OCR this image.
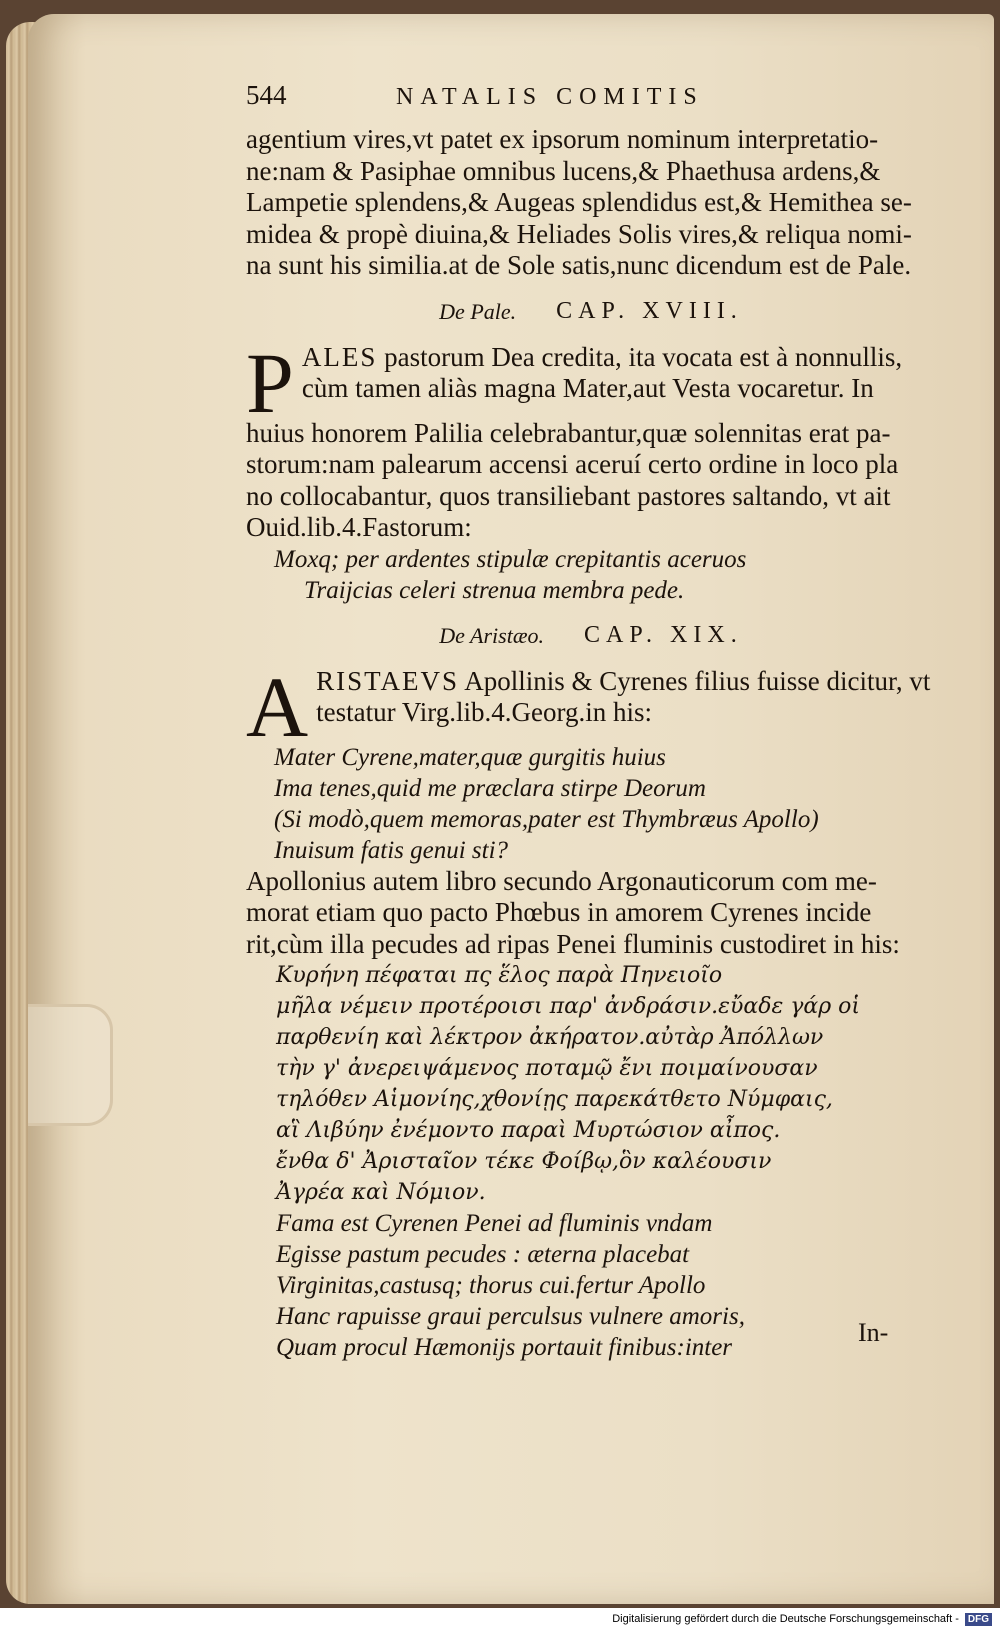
544	NATALIS COMITIS

agentium vires,vt patet ex ipsorum nominum interpretatio-
ne:nam & Pasiphae omnibus lucens,& Phaethusa ardens,&
Lampetie splendens,& Augeas splendidus est,& Hemithea se-
midea & propè diuina,& Heliades Solis vires,& reliqua nomi-
na sunt his similia.at de Sole satis,nunc dicendum est de Pale.

De Pale. CAP. XVIII.
P ALES pastorum Dea credita, ita vocata est à nonnullis,
cùm tamen aliàs magna Mater,aut Vesta vocaretur. In
huius honorem Palilia celebrabantur,quæ solennitas erat pa-
storum:nam palearum accensi aceruí certo ordine in loco pla
no collocabantur, quos transiliebant pastores saltando, vt ait
Ouid.lib.4.Fastorum:
Moxq; per ardentes stipulæ crepitantis aceruos
Traijcias celeri strenua membra pede.
De Aristæo. CAP. XIX.
A RISTAEVS Apollinis & Cyrenes filius fuisse dicitur, vt
testatur Virg.lib.4.Georg.in his:
Mater Cyrene,mater,quæ gurgitis huius
Ima tenes,quid me præclara stirpe Deorum
(Si modò,quem memoras,pater est Thymbræus Apollo)
Inuisum fatis genui sti?
Apollonius autem libro secundo Argonauticorum com me-
morat etiam quo pacto Phœbus in amorem Cyrenes incide
rit,cùm illa pecudes ad ripas Penei fluminis custodiret in his:
Κυρήνη πέφαται πς ἕλος παρὰ Πηνειοῖο
μῆλα νέμειν προτέροισι παρ' ἀνδράσιν.εὔαδε γάρ οἱ
παρθενίη καὶ λέκτρον ἀκήρατον.αὐτὰρ Ἀπόλλων
τὴν γ' ἀνερειψάμενος ποταμῷ ἔνι ποιμαίνουσαν
τηλόθεν Αἱμονίης,χθονίῃς παρεκάτθετο Νύμφαις,
αἳ Λιβύην ἐνέμοντο παραὶ Μυρτώσιον αἶπος.
ἔνθα δ' Ἀρισταῖον τέκε Φοίβῳ,ὃν καλέουσιν
Ἀγρέα καὶ Νόμιον.
Fama est Cyrenen Penei ad fluminis vndam
Egisse pastum pecudes : æterna placebat
Virginitas,castusq; thorus cui.fertur Apollo
Hanc rapuisse graui perculsus vulnere amoris,
Quam procul Hæmonijs portauit finibus:inter
In-
Digitalisierung gefördert durch die Deutsche Forschungsgemeinschaft - DFG
